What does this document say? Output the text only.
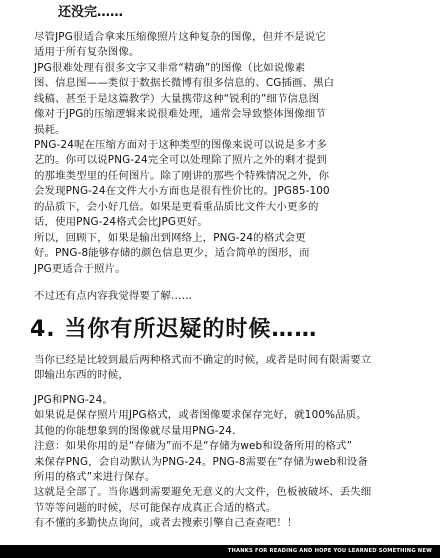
还没完……
尽管JPG很适合拿来压缩像照片这种复杂的图像，但并不是说它
适用于所有复杂图像。
JPG很难处理有很多文字又非常“精确”的图像（比如说像素
图、信息图——类似于数据长微博有很多信息的、CG插画、黑白
线稿、甚至于是这篇教学）大量携带这种“锐利的”细节信息图
像对于JPG的压缩逻辑来说很难处理，通常会导致整体图像细节
损耗。
PNG-24呢在压缩方面对于这种类型的图像来说可以说是多才多
艺的。你可以说PNG-24完全可以处理除了照片之外的剩才提到
的那堆类型里的任何图片。除了刚讲的那些个特殊情况之外，你
会发现PNG-24在文件大小方面也是很有性价比的。JPG85-100
的品质下，会小好几倍。如果是更看重品质比文件大小更多的
话，使用PNG-24格式会比JPG更好。
所以，回顾下，如果是输出到网络上，PNG-24的格式会更
好。PNG-8能够存储的颜色信息更少，适合简单的图形，而
JPG更适合于照片。
不过还有点内容我觉得要了解……
4. 当你有所迟疑的时候……
当你已经是比较到最后两种格式而不确定的时候，或者是时间有限需要立
即输出东西的时候，
JPG和PNG-24。
如果说是保存照片用JPG格式，或者图像要求保存完好，就100%品质。
其他的你能想象到的图像就尽量用PNG-24.
注意：如果你用的是“存储为”而不是“存储为web和设备所用的格式”
来保存PNG，会自动默认为PNG-24。PNG-8需要在“存储为web和设备
所用的格式”来进行保存。
这就是全部了。当你遇到需要避免无意义的大文件，色板被破坏、丢失细
节等等问题的时候，尽可能保存成真正合适的格式。
有不懂的多勤快点询问，或者去搜索引擎自己查查吧！！
THANKS FOR READING AND HOPE YOU LEARNED SOMETHING NEW
